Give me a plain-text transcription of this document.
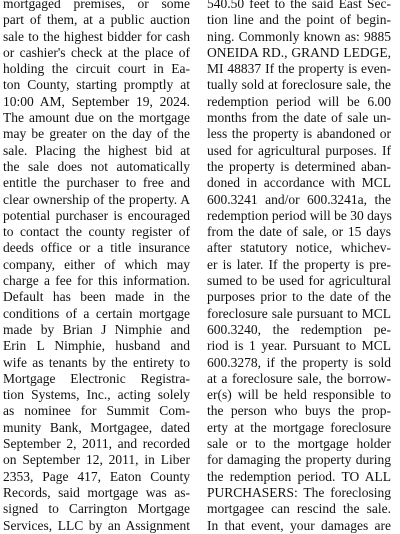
mortgaged premises, or some
part of them, at a public auction
sale to the highest bidder for cash
or cashier's check at the place of
holding the circuit court in Ea-
ton County, starting promptly at
10:00 AM, September 19, 2024.
The amount due on the mortgage
may be greater on the day of the
sale. Placing the highest bid at
the sale does not automatically
entitle the purchaser to free and
clear ownership of the property. A
potential purchaser is encouraged
to contact the county register of
deeds office or a title insurance
company, either of which may
charge a fee for this information.
Default has been made in the
conditions of a certain mortgage
made by Brian J Nimphie and
Erin L Nimphie, husband and
wife as tenants by the entirety to
Mortgage Electronic Registra-
tion Systems, Inc., acting solely
as nominee for Summit Com-
munity Bank, Mortgagee, dated
September 2, 2011, and recorded
on September 12, 2011, in Liber
2353, Page 417, Eaton County
Records, said mortgage was as-
signed to Carrington Mortgage
Services, LLC by an Assignment
540.50 feet to the said East Sec-
tion line and the point of begin-
ning. Commonly known as: 9885
ONEIDA RD., GRAND LEDGE,
MI 48837 If the property is even-
tually sold at foreclosure sale, the
redemption period will be 6.00
months from the date of sale un-
less the property is abandoned or
used for agricultural purposes. If
the property is determined aban-
doned in accordance with MCL
600.3241 and/or 600.3241a, the
redemption period will be 30 days
from the date of sale, or 15 days
after statutory notice, whichev-
er is later. If the property is pre-
sumed to be used for agricultural
purposes prior to the date of the
foreclosure sale pursuant to MCL
600.3240, the redemption pe-
riod is 1 year. Pursuant to MCL
600.3278, if the property is sold
at a foreclosure sale, the borrow-
er(s) will be held responsible to
the person who buys the prop-
erty at the mortgage foreclosure
sale or to the mortgage holder
for damaging the property during
the redemption period. TO ALL
PURCHASERS: The foreclosing
mortgagee can rescind the sale.
In that event, your damages are
